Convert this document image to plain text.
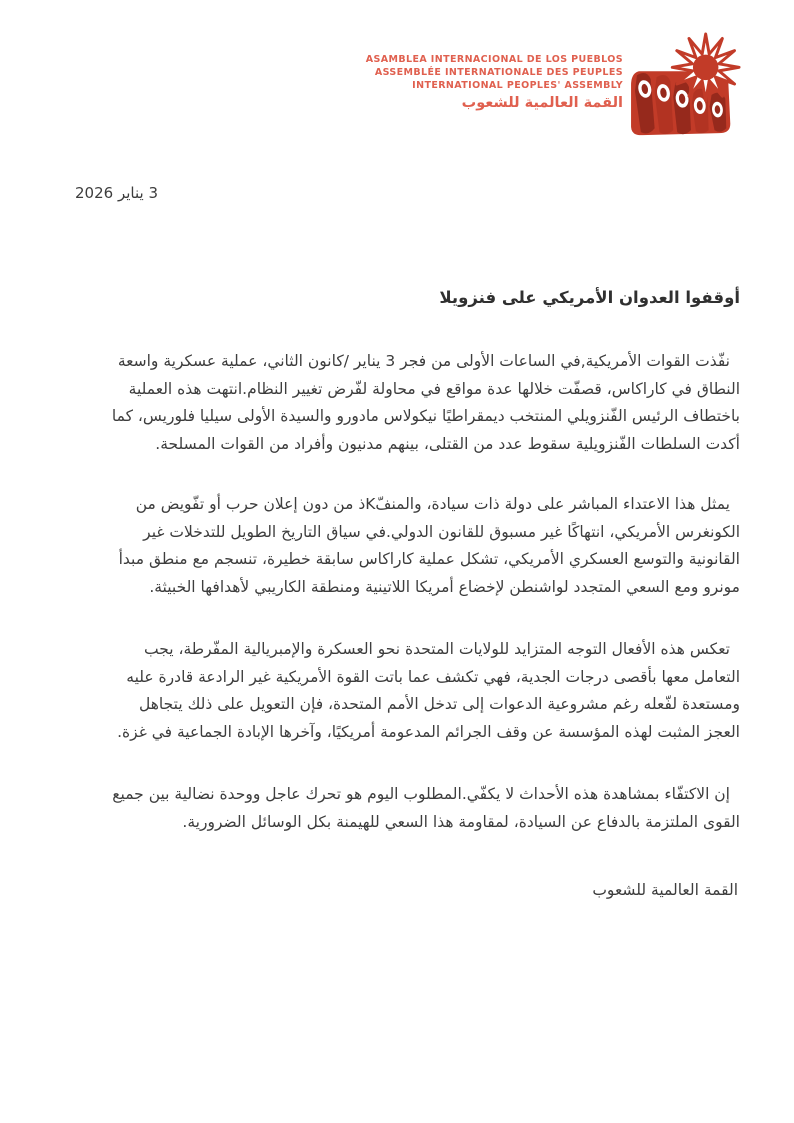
ASAMBLEA INTERNACIONAL DE LOS PUEBLOS
ASSEMBLÉE INTERNATIONALE DES PEUPLES
INTERNATIONAL PEOPLES' ASSEMBLY
القمة العالمية للشعوب
3 يناير 2026
أوقفوا العدوان الأمريكي على فنزويلا
نفّذت القوات الأمريكية,في الساعات الأولى من فجر 3 يناير /كانون الثاني، عملية عسكرية واسعة
النطاق في كاراكاس، قصفّت خلالها عدة مواقع في محاولة لفّرض تغيير النظام.انتهت هذه العملية
باختطاف الرئيس الفّنزويلي المنتخب ديمقراطيًا نيكولاس مادورو والسيدة الأولى سيليا فلوريس، كما
أكدت السلطات الفّنزويلية سقوط عدد من القتلى، بينهم مدنيون وأفراد من القوات المسلحة.
يمثل هذا الاعتداء المباشر على دولة ذات سيادة، والمنفّKذ من دون إعلان حرب أو تفّويض من
الكونغرس الأمريكي، انتهاكًا غير مسبوق للقانون الدولي.في سياق التاريخ الطويل للتدخلات غير
القانونية والتوسع العسكري الأمريكي، تشكل عملية كاراكاس سابقة خطيرة، تنسجم مع منطق مبدأ
مونرو ومع السعي المتجدد لواشنطن لإخضاع أمريكا اللاتينية ومنطقة الكاريبي لأهدافها الخبيثة.
تعكس هذه الأفعال التوجه المتزايد للولايات المتحدة نحو العسكرة والإمبريالية المفّرطة، يجب
التعامل معها بأقصى درجات الجدية، فهي تكشف عما باتت القوة الأمريكية غير الرادعة قادرة عليه
ومستعدة لفّعله رغم مشروعية الدعوات إلى تدخل الأمم المتحدة، فإن التعويل على ذلك يتجاهل
العجز المثبت لهذه المؤسسة عن وقف الجرائم المدعومة أمريكيًا، وآخرها الإبادة الجماعية في غزة.
إن الاكتفّاء بمشاهدة هذه الأحداث لا يكفّي.المطلوب اليوم هو تحرك عاجل ووحدة نضالية بين جميع
القوى الملتزمة بالدفاع عن السيادة، لمقاومة هذا السعي للهيمنة بكل الوسائل الضرورية.
القمة العالمية للشعوب
